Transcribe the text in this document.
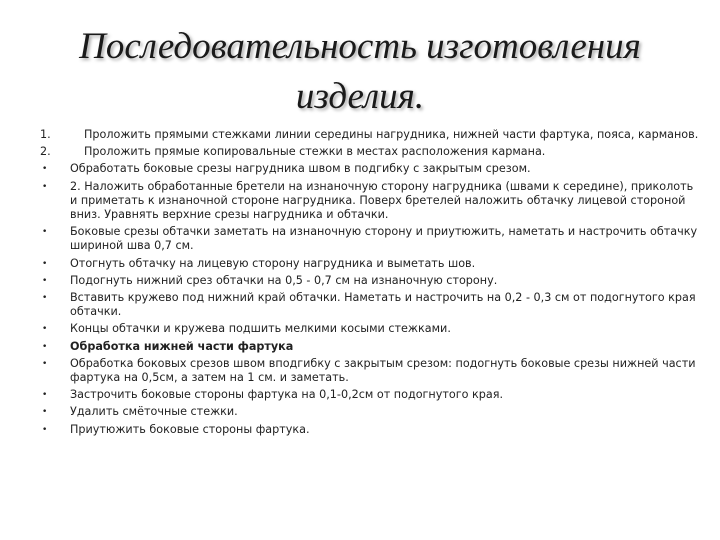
Последовательность изготовления
изделия.
1.	Проложить прямыми стежками линии середины нагрудника, нижней части фартука, пояса, карманов.
2.	Проложить прямые копировальные стежки в местах расположения кармана.
• Обработать боковые срезы нагрудника швом в подгибку с закрытым срезом.
• 2. Наложить обработанные бретели на изнаночную сторону нагрудника (швами к середине), приколоть и приметать к изнаночной стороне нагрудника. Поверх бретелей наложить обтачку лицевой стороной вниз. Уравнять верхние срезы нагрудника и обтачки.
• Боковые срезы обтачки заметать на изнаночную сторону и приутюжить, наметать и настрочить обтачку шириной шва 0,7 см.
• Отогнуть обтачку на лицевую сторону нагрудника и выметать шов.
• Подогнуть нижний срез обтачки на 0,5 - 0,7 см на изнаночную сторону.
• Вставить кружево под нижний край обтачки. Наметать и настрочить на 0,2 - 0,3 см от подогнутого края обтачки.
• Концы обтачки и кружева подшить мелкими косыми стежками.
• Обработка нижней части фартука
• Обработка боковых срезов швом вподгибку с закрытым срезом: подогнуть боковые срезы нижней части фартука на 0,5см, а затем на 1 см. и заметать.
• Застрочить боковые стороны фартука на 0,1-0,2см от подогнутого края.
• Удалить смёточные стежки.
• Приутюжить боковые стороны фартука.
